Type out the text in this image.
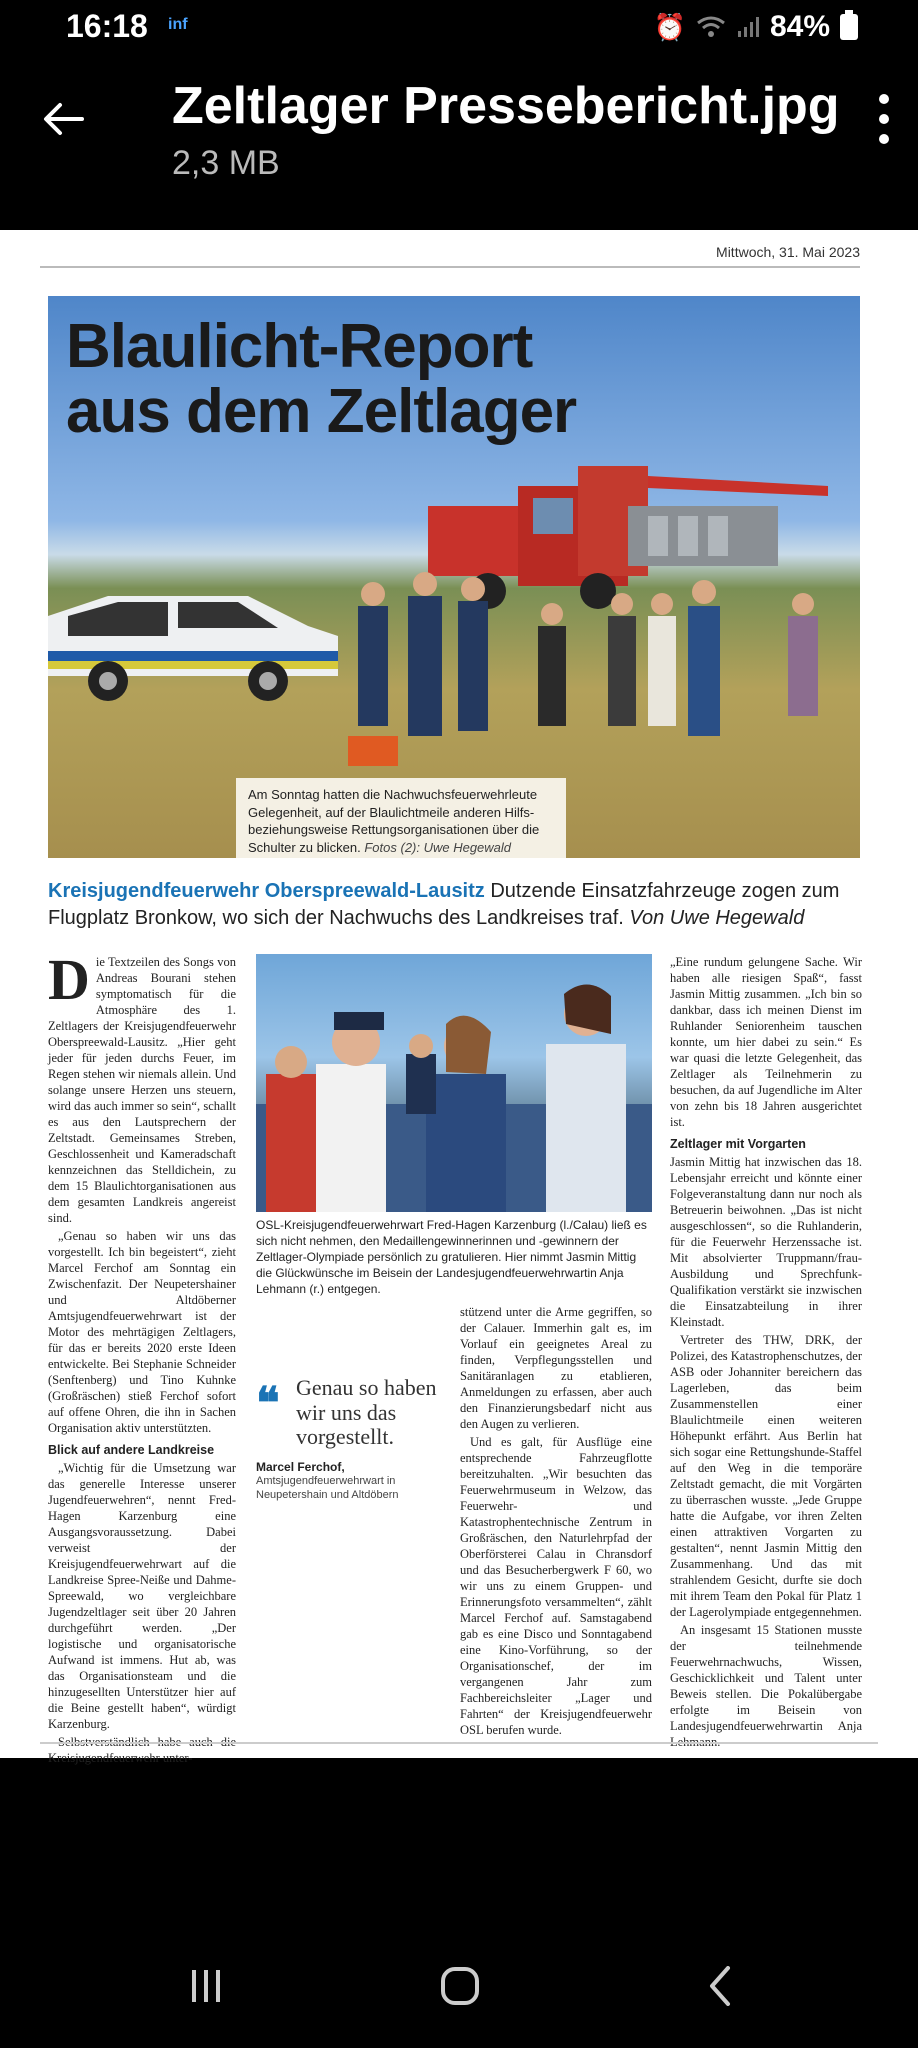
16:18 inf	⏰	84%
Zeltlager Pressebericht.jpg
2,3 MB
Mittwoch, 31. Mai 2023
Blaulicht-Report
aus dem Zeltlager
Am Sonntag hatten die Nachwuchsfeuerwehrleute Gelegenheit, auf der Blaulichtmeile anderen Hilfs-beziehungsweise Rettungsorganisationen über die Schulter zu blicken. Fotos (2): Uwe Hegewald
Kreisjugendfeuerwehr Oberspreewald-Lausitz Dutzende Einsatzfahrzeuge zogen zum Flugplatz Bronkow, wo sich der Nachwuchs des Landkreises traf. Von Uwe Hegewald

Die Textzeilen des Songs von Andreas Bourani stehen symptomatisch für die Atmosphäre des 1. Zeltlagers der Kreisjugendfeuerwehr Oberspreewald-Lausitz. „Hier geht jeder für jeden durchs Feuer, im Regen stehen wir niemals allein. Und solange unsere Herzen uns steuern, wird das auch immer so sein“, schallt es aus den Lautsprechern der Zeltstadt. Gemeinsames Streben, Geschlossenheit und Kameradschaft kennzeichnen das Stelldichein, zu dem 15 Blaulichtorganisationen aus dem gesamten Landkreis angereist sind.

„Genau so haben wir uns das vorgestellt. Ich bin begeistert“, zieht Marcel Ferchof am Sonntag ein Zwischenfazit. Der Neupetershainer und Altdöberner Amtsjugendfeuerwehrwart ist der Motor des mehrtägigen Zeltlagers, für das er bereits 2020 erste Ideen entwickelte. Bei Stephanie Schneider (Senftenberg) und Tino Kuhnke (Großräschen) stieß Ferchof sofort auf offene Ohren, die ihn in Sachen Organisation aktiv unterstützten.

Blick auf andere Landkreise

„Wichtig für die Umsetzung war das generelle Interesse unserer Jugendfeuerwehren“, nennt Fred-Hagen Karzenburg eine Ausgangsvoraussetzung. Dabei verweist der Kreisjugendfeuerwehrwart auf die Landkreise Spree-Neiße und Dahme-Spreewald, wo vergleichbare Jugendzeltlager seit über 20 Jahren durchgeführt werden. „Der logistische und organisatorische Aufwand ist immens. Hut ab, was das Organisationsteam und die hinzugesellten Unterstützer hier auf die Beine gestellt haben“, würdigt Karzenburg.

Kreisjugendfeuerwehr unter-

OSL-Kreisjugendfeuerwehrwart Fred-Hagen Karzenburg (l./Calau) ließ es sich nicht nehmen, den Medaillengewinnerinnen und -gewinnern der Zeltlager-Olympiade persönlich zu gratulieren. Hier nimmt Jasmin Mittig die Glückwünsche im Beisein der Landesjugendfeuerwehrwartin Anja Lehmann (r.) entgegen.
❝ Genau so haben wir uns das vorgestellt.
Marcel Ferchof,
Amtsjugendfeuerwehrwart in Neupetershain und Altdöbern

stützend unter die Arme gegriffen, so der Calauer. Immerhin galt es, im Vorlauf ein geeignetes Areal zu finden, Verpflegungsstellen und Sanitäranlagen zu etablieren, Anmeldungen zu erfassen, aber auch den Finanzierungsbedarf nicht aus den Augen zu verlieren.

Und es galt, für Ausflüge eine entsprechende Fahrzeugflotte bereitzuhalten. „Wir besuchten das Feuerwehrmuseum in Welzow, das Feuerwehr- und Katastrophentechnische Zentrum in Großräschen, den Naturlehrpfad der Oberförsterei Calau in Chransdorf und das Besucherbergwerk F 60, wo wir uns zu einem Gruppen- und Erinnerungsfoto versammelten“, zählt Marcel Ferchof auf. Samstagabend gab es eine Disco und Sonntagabend eine Kino-Vorführung, so der Organisationschef, der im vergangenen Jahr zum Fachbereichsleiter „Lager und Fahrten“ der Kreisjugendfeuerwehr OSL berufen wurde.

„Eine rundum gelungene Sache. Wir haben alle riesigen Spaß“, fasst Jasmin Mittig zusammen. „Ich bin so dankbar, dass ich meinen Dienst im Ruhlander Seniorenheim tauschen konnte, um hier dabei zu sein.“ Es war quasi die letzte Gelegenheit, das Zeltlager als Teilnehmerin zu besuchen, da auf Jugendliche im Alter von zehn bis 18 Jahren ausgerichtet ist.

Zeltlager mit Vorgarten

Jasmin Mittig hat inzwischen das 18. Lebensjahr erreicht und könnte einer Folgeveranstaltung dann nur noch als Betreuerin beiwohnen. „Das ist nicht ausgeschlossen“, so die Ruhlanderin, für die Feuerwehr Herzenssache ist. Mit absolvierter Truppmann/frau-Ausbildung und Sprechfunk-Qualifikation verstärkt sie inzwischen die Einsatzabteilung in ihrer Kleinstadt.

Vertreter des THW, DRK, der Polizei, des Katastrophenschutzes, der ASB oder Johanniter bereichern das Lagerleben, das beim Zusammenstellen einer Blaulichtmeile einen weiteren Höhepunkt erfährt. Aus Berlin hat sich sogar eine Rettungshunde-Staffel auf den Weg in die temporäre Zeltstadt gemacht, die mit Vorgärten zu überraschen wusste. „Jede Gruppe hatte die Aufgabe, vor ihren Zelten einen attraktiven Vorgarten zu gestalten“, nennt Jasmin Mittig den Zusammenhang. Und das mit strahlendem Gesicht, durfte sie doch mit ihrem Team den Pokal für Platz 1 der Lagerolympiade entgegennehmen.

An insgesamt 15 Stationen musste der teilnehmende Feuerwehrnachwuchs, Wissen, Geschicklichkeit und Talent unter Beweis stellen. Die Pokalübergabe erfolgte im Beisein von Landesjugendfeuerwehrwartin Anja
